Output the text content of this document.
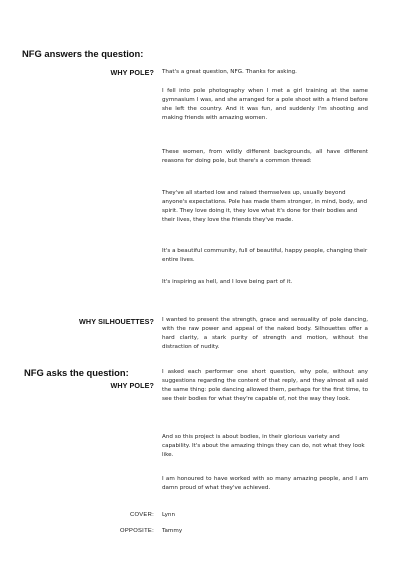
NFG answers the question:
WHY POLE? That's a great question, NFG. Thanks for asking.

I fell into pole photography when I met a girl training at the same gymnasium I was, and she arranged for a pole shoot with a friend before she left the country. And it was fun, and suddenly I'm shooting and making friends with amazing women.

These women, from wildly different backgrounds, all have different reasons for doing pole, but there's a common thread:

They've all started low and raised themselves up, usually beyond anyone's expectations. Pole has made them stronger, in mind, body, and spirit. They love doing it, they love what it's done for their bodies and their lives, they love the friends they've made.

It's a beautiful community, full of beautiful, happy people, changing their entire lives.

It's inspiring as hell, and I love being part of it.

WHY SILHOUETTES? I wanted to present the strength, grace and sensuality of pole dancing, with the raw power and appeal of the naked body. Silhouettes offer a hard clarity, a stark purity of strength and motion, without the distraction of nudity.

NFG asks the question:
WHY POLE?

I asked each performer one short question, why pole, without any suggestions regarding the content of that reply, and they almost all said the same thing: pole dancing allowed them, perhaps for the first time, to see their bodies for what they're capable of, not the way they look.

And so this project is about bodies, in their glorious variety and capability. It's about the amazing things they can do, not what they look like.

I am honoured to have worked with so many amazing people, and I am damn proud of what they've achieved.

COVER: Lynn
OPPOSITE: Tammy
